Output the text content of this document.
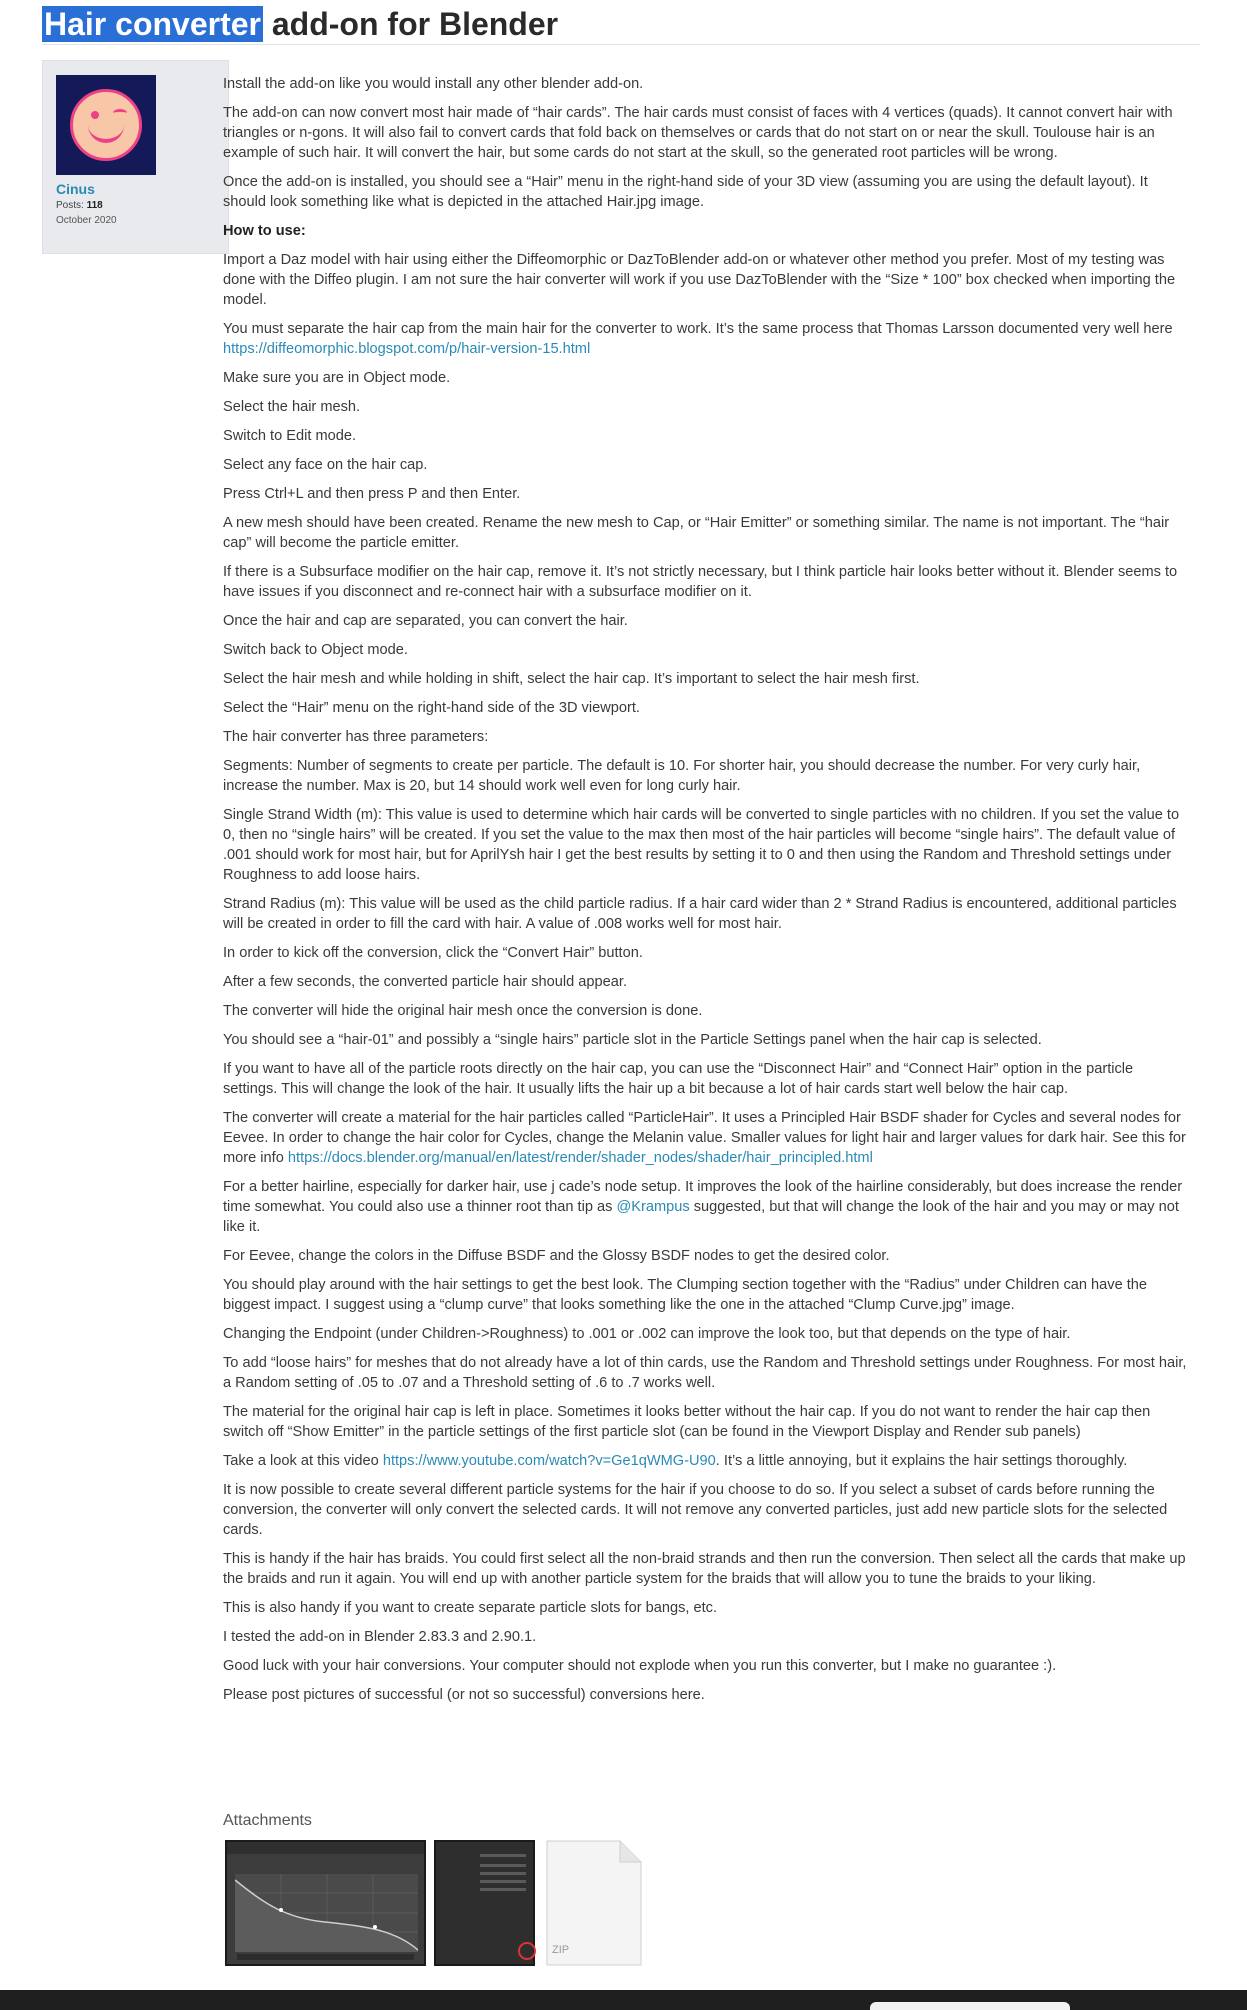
Hair converter add-on for Blender
Cinus
Posts: 118
October 2020

Install the add-on like you would install any other blender add-on.

The add-on can now convert most hair made of “hair cards”. The hair cards must consist of faces with 4 vertices (quads). It cannot convert hair with triangles or n-gons. It will also fail to convert cards that fold back on themselves or cards that do not start on or near the skull. Toulouse hair is an example of such hair. It will convert the hair, but some cards do not start at the skull, so the generated root particles will be wrong.

Once the add-on is installed, you should see a “Hair” menu in the right-hand side of your 3D view (assuming you are using the default layout). It should look something like what is depicted in the attached Hair.jpg image.

How to use:

Import a Daz model with hair using either the Diffeomorphic or DazToBlender add-on or whatever other method you prefer. Most of my testing was done with the Diffeo plugin. I am not sure the hair converter will work if you use DazToBlender with the “Size * 100” box checked when importing the model.

You must separate the hair cap from the main hair for the converter to work. It’s the same process that Thomas Larsson documented very well here https://diffeomorphic.blogspot.com/p/hair-version-15.html

Make sure you are in Object mode.

Select the hair mesh.

Switch to Edit mode.

Select any face on the hair cap.

Press Ctrl+L and then press P and then Enter.

A new mesh should have been created. Rename the new mesh to Cap, or “Hair Emitter” or something similar. The name is not important. The “hair cap” will become the particle emitter.

If there is a Subsurface modifier on the hair cap, remove it. It’s not strictly necessary, but I think particle hair looks better without it. Blender seems to have issues if you disconnect and re-connect hair with a subsurface modifier on it.

Once the hair and cap are separated, you can convert the hair.

Switch back to Object mode.

Select the hair mesh and while holding in shift, select the hair cap. It’s important to select the hair mesh first.

Select the “Hair” menu on the right-hand side of the 3D viewport.

The hair converter has three parameters:

Segments: Number of segments to create per particle. The default is 10. For shorter hair, you should decrease the number. For very curly hair, increase the number. Max is 20, but 14 should work well even for long curly hair.

Single Strand Width (m): This value is used to determine which hair cards will be converted to single particles with no children. If you set the value to 0, then no “single hairs” will be created. If you set the value to the max then most of the hair particles will become “single hairs”. The default value of .001 should work for most hair, but for AprilYsh hair I get the best results by setting it to 0 and then using the Random and Threshold settings under Roughness to add loose hairs.

Strand Radius (m): This value will be used as the child particle radius. If a hair card wider than 2 * Strand Radius is encountered, additional particles will be created in order to fill the card with hair. A value of .008 works well for most hair.

In order to kick off the conversion, click the “Convert Hair” button.

After a few seconds, the converted particle hair should appear.

The converter will hide the original hair mesh once the conversion is done.

You should see a “hair-01” and possibly a “single hairs” particle slot in the Particle Settings panel when the hair cap is selected.

If you want to have all of the particle roots directly on the hair cap, you can use the “Disconnect Hair” and “Connect Hair” option in the particle settings. This will change the look of the hair. It usually lifts the hair up a bit because a lot of hair cards start well below the hair cap.

The converter will create a material for the hair particles called “ParticleHair”. It uses a Principled Hair BSDF shader for Cycles and several nodes for Eevee. In order to change the hair color for Cycles, change the Melanin value. Smaller values for light hair and larger values for dark hair. See this for more info https://docs.blender.org/manual/en/latest/render/shader_nodes/shader/hair_principled.html

For a better hairline, especially for darker hair, use j cade’s node setup. It improves the look of the hairline considerably, but does increase the render time somewhat. You could also use a thinner root than tip as @Krampus suggested, but that will change the look of the hair and you may or may not like it.

For Eevee, change the colors in the Diffuse BSDF and the Glossy BSDF nodes to get the desired color.

You should play around with the hair settings to get the best look. The Clumping section together with the “Radius” under Children can have the biggest impact. I suggest using a “clump curve” that looks something like the one in the attached “Clump Curve.jpg” image.

Changing the Endpoint (under Children->Roughness) to .001 or .002 can improve the look too, but that depends on the type of hair.

To add “loose hairs” for meshes that do not already have a lot of thin cards, use the Random and Threshold settings under Roughness. For most hair, a Random setting of .05 to .07 and a Threshold setting of .6 to .7 works well.

The material for the original hair cap is left in place. Sometimes it looks better without the hair cap. If you do not want to render the hair cap then switch off “Show Emitter” in the particle settings of the first particle slot (can be found in the Viewport Display and Render sub panels)

Take a look at this video https://www.youtube.com/watch?v=Ge1qWMG-U90. It’s a little annoying, but it explains the hair settings thoroughly.

It is now possible to create several different particle systems for the hair if you choose to do so. If you select a subset of cards before running the conversion, the converter will only convert the selected cards. It will not remove any converted particles, just add new particle slots for the selected cards.

This is handy if the hair has braids. You could first select all the non-braid strands and then run the conversion. Then select all the cards that make up the braids and run it again. You will end up with another particle system for the braids that will allow you to tune the braids to your liking.

This is also handy if you want to create separate particle slots for bangs, etc.

I tested the add-on in Blender 2.83.3 and 2.90.1.

Good luck with your hair conversions. Your computer should not explode when you run this converter, but I make no guarantee :).

Please post pictures of successful (or not so successful) conversions here.

Attachments
ZIP
